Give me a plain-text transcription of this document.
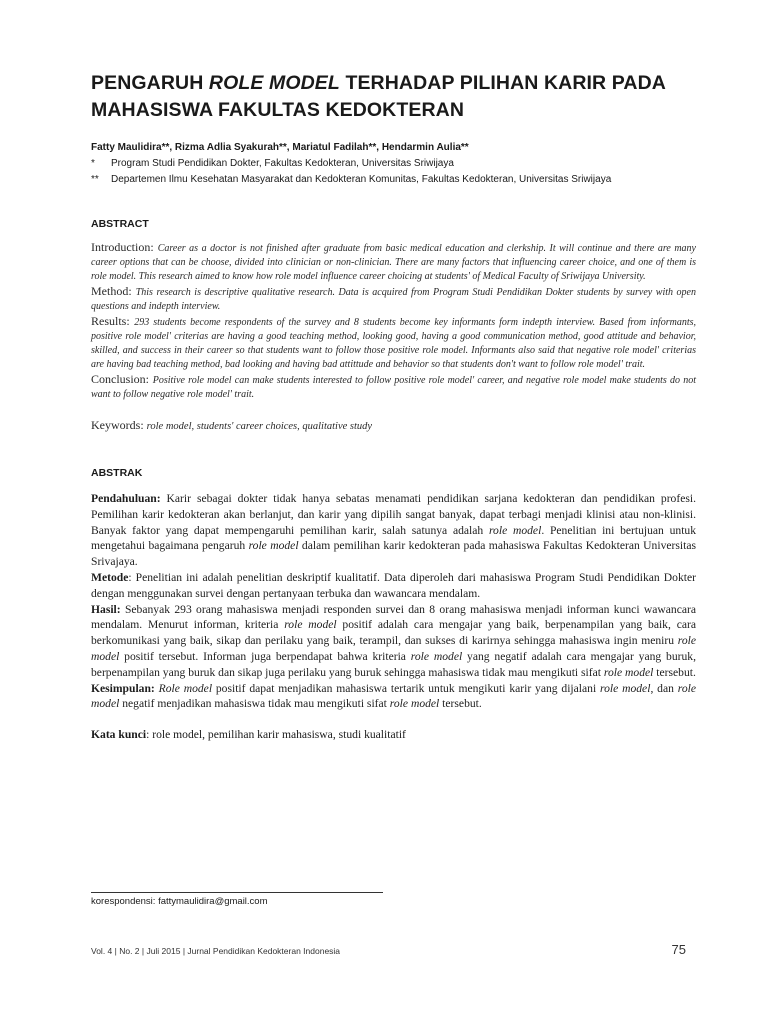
PENGARUH ROLE MODEL TERHADAP PILIHAN KARIR PADA MAHASISWA FAKULTAS KEDOKTERAN
Fatty Maulidira**, Rizma Adlia Syakurah**, Mariatul Fadilah**, Hendarmin Aulia**
*	Program Studi Pendidikan Dokter, Fakultas Kedokteran, Universitas Sriwijaya
**	Departemen Ilmu Kesehatan Masyarakat dan Kedokteran Komunitas, Fakultas Kedokteran, Universitas Sriwijaya
ABSTRACT

Introduction: Career as a doctor is not finished after graduate from basic medical education and clerkship. It will continue and there are many career options that can be choose, divided into clinician or non-clinician. There are many factors that influencing career choice, and one of them is role model. This research aimed to know how role model influence career choicing at students' of Medical Faculty of Sriwijaya University.

Method: This research is descriptive qualitative research. Data is acquired from Program Studi Pendidikan Dokter students by survey with open questions and indepth interview.

Results: 293 students become respondents of the survey and 8 students become key informants form indepth interview. Based from informants, positive role model' criterias are having a good teaching method, looking good, having a good communication method, good attitude and behavior, skilled, and success in their career so that students want to follow those positive role model. Informants also said that negative role model' criterias are having bad teaching method, bad looking and having bad attittude and behavior so that students don't want to follow role model' trait.

Conclusion: Positive role model can make students interested to follow positive role model' career, and negative role model make students do not want to follow negative role model' trait.

Keywords: role model, students' career choices, qualitative study
ABSTRAK

Pendahuluan: Karir sebagai dokter tidak hanya sebatas menamati pendidikan sarjana kedokteran dan pendidikan profesi. Pemilihan karir kedokteran akan berlanjut, dan karir yang dipilih sangat banyak, dapat terbagi menjadi klinisi atau non-klinisi. Banyak faktor yang dapat mempengaruhi pemilihan karir, salah satunya adalah role model. Penelitian ini bertujuan untuk mengetahui bagaimana pengaruh role model dalam pemilihan karir kedokteran pada mahasiswa Fakultas Kedokteran Universitas Srivajaya.

Metode: Penelitian ini adalah penelitian deskriptif kualitatif. Data diperoleh dari mahasiswa Program Studi Pendidikan Dokter dengan menggunakan survei dengan pertanyaan terbuka dan wawancara mendalam.

Hasil: Sebanyak 293 orang mahasiswa menjadi responden survei dan 8 orang mahasiswa menjadi informan kunci wawancara mendalam. Menurut informan, kriteria role model positif adalah cara mengajar yang baik, berpenampilan yang baik, cara berkomunikasi yang baik, sikap dan perilaku yang baik, terampil, dan sukses di karirnya sehingga mahasiswa ingin meniru role model positif tersebut. Informan juga berpendapat bahwa kriteria role model yang negatif adalah cara mengajar yang buruk, berpenampilan yang buruk dan sikap juga perilaku yang buruk sehingga mahasiswa tidak mau mengikuti sifat role model tersebut.

Kesimpulan: Role model positif dapat menjadikan mahasiswa tertarik untuk mengikuti karir yang dijalani role model, dan role model negatif menjadikan mahasiswa tidak mau mengikuti sifat role model tersebut.

Kata kunci: role model, pemilihan karir mahasiswa, studi kualitatif
korespondensi: fattymaulidira@gmail.com
Vol. 4 | No. 2 | Juli 2015 | Jurnal Pendidikan Kedokteran Indonesia	75
